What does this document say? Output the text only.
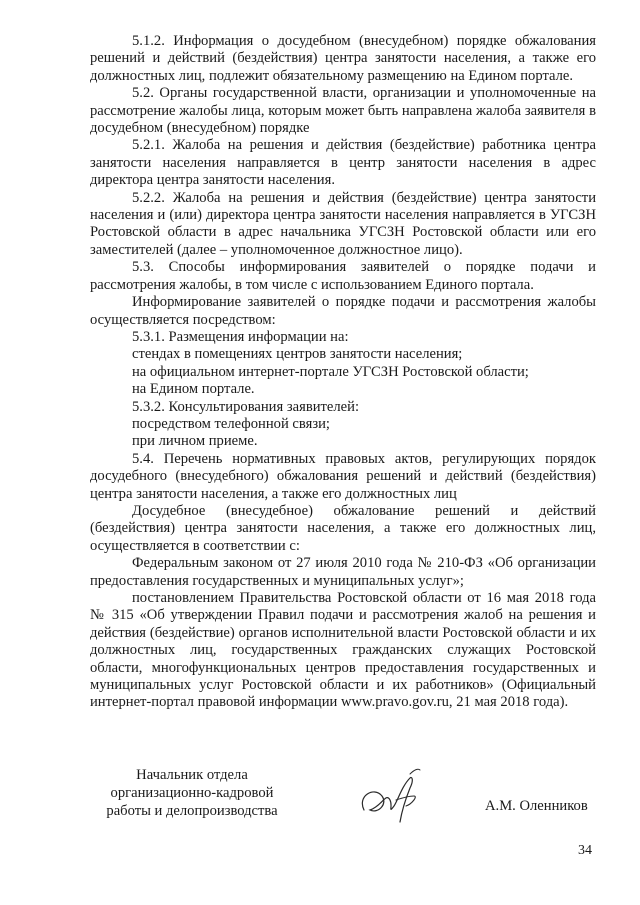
5.1.2. Информация о досудебном (внесудебном) порядке обжалования решений и действий (бездействия) центра занятости населения, а также его должностных лиц, подлежит обязательному размещению на Едином портале.

5.2. Органы государственной власти, организации и уполномоченные на рассмотрение жалобы лица, которым может быть направлена жалоба заявителя в досудебном (внесудебном) порядке

5.2.1. Жалоба на решения и действия (бездействие) работника центра занятости населения направляется в центр занятости населения в адрес директора центра занятости населения.

5.2.2. Жалоба на решения и действия (бездействие) центра занятости населения и (или) директора центра занятости населения направляется в УГСЗН Ростовской области в адрес начальника УГСЗН Ростовской области или его заместителей (далее – уполномоченное должностное лицо).

5.3. Способы информирования заявителей о порядке подачи и рассмотрения жалобы, в том числе с использованием Единого портала.

Информирование заявителей о порядке подачи и рассмотрения жалобы осуществляется посредством:

5.3.1. Размещения информации на:

стендах в помещениях центров занятости населения;

на официальном интернет-портале УГСЗН Ростовской области;

на Едином портале.

5.3.2. Консультирования заявителей:

посредством телефонной связи;

при личном приеме.

5.4. Перечень нормативных правовых актов, регулирующих порядок досудебного (внесудебного) обжалования решений и действий (бездействия) центра занятости населения, а также его должностных лиц

Досудебное (внесудебное) обжалование решений и действий (бездействия) центра занятости населения, а также его должностных лиц, осуществляется в соответствии с:

Федеральным законом от 27 июля 2010 года № 210-ФЗ «Об организации предоставления государственных и муниципальных услуг»;

постановлением Правительства Ростовской области от 16 мая 2018 года № 315 «Об утверждении Правил подачи и рассмотрения жалоб на решения и действия (бездействие) органов исполнительной власти Ростовской области и их должностных лиц, государственных гражданских служащих Ростовской области, многофункциональных центров предоставления государственных и муниципальных услуг Ростовской области и их работников» (Официальный интернет-портал правовой информации www.pravo.gov.ru, 21 мая 2018 года).

Начальник отдела
организационно-кадровой
работы и делопроизводства	А.М. Оленников
34
